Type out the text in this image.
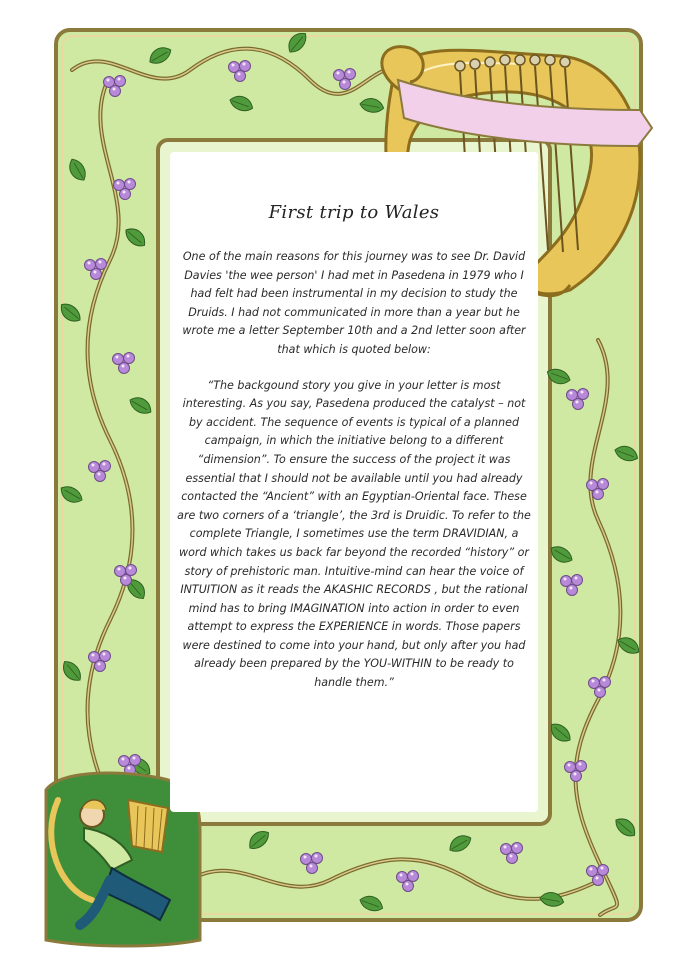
First trip to Wales

One of the main reasons for this journey was to see Dr. David Davies 'the wee person' I had met in Pasedena in 1979 who I had felt had been instrumental in my decision to study the Druids. I had not communicated in more than a year but he wrote me a letter September 10th and a 2nd letter soon after that which is quoted below:

“The backgound story you give in your letter is most interesting. As you say, Pasedena produced the catalyst – not by accident. The sequence of events is typical of a planned campaign, in which the initiative belong to a different “dimension”. To ensure the success of the project it was essential that I should not be available until you had already contacted the “Ancient” with an Egyptian-Oriental face. These are two corners of a ‘triangle’, the 3rd is Druidic. To refer to the complete Triangle, I sometimes use the term DRAVIDIAN, a word which takes us back far beyond the recorded “history” or story of prehistoric man. Intuitive-mind can hear the voice of INTUITION as it reads the AKASHIC RECORDS , but the rational mind has to bring IMAGINATION into action in order to even attempt to express the EXPERIENCE in words. Those papers were destined to come into your hand, but only after you had already been prepared by the YOU-WITHIN to be ready to handle them.”
